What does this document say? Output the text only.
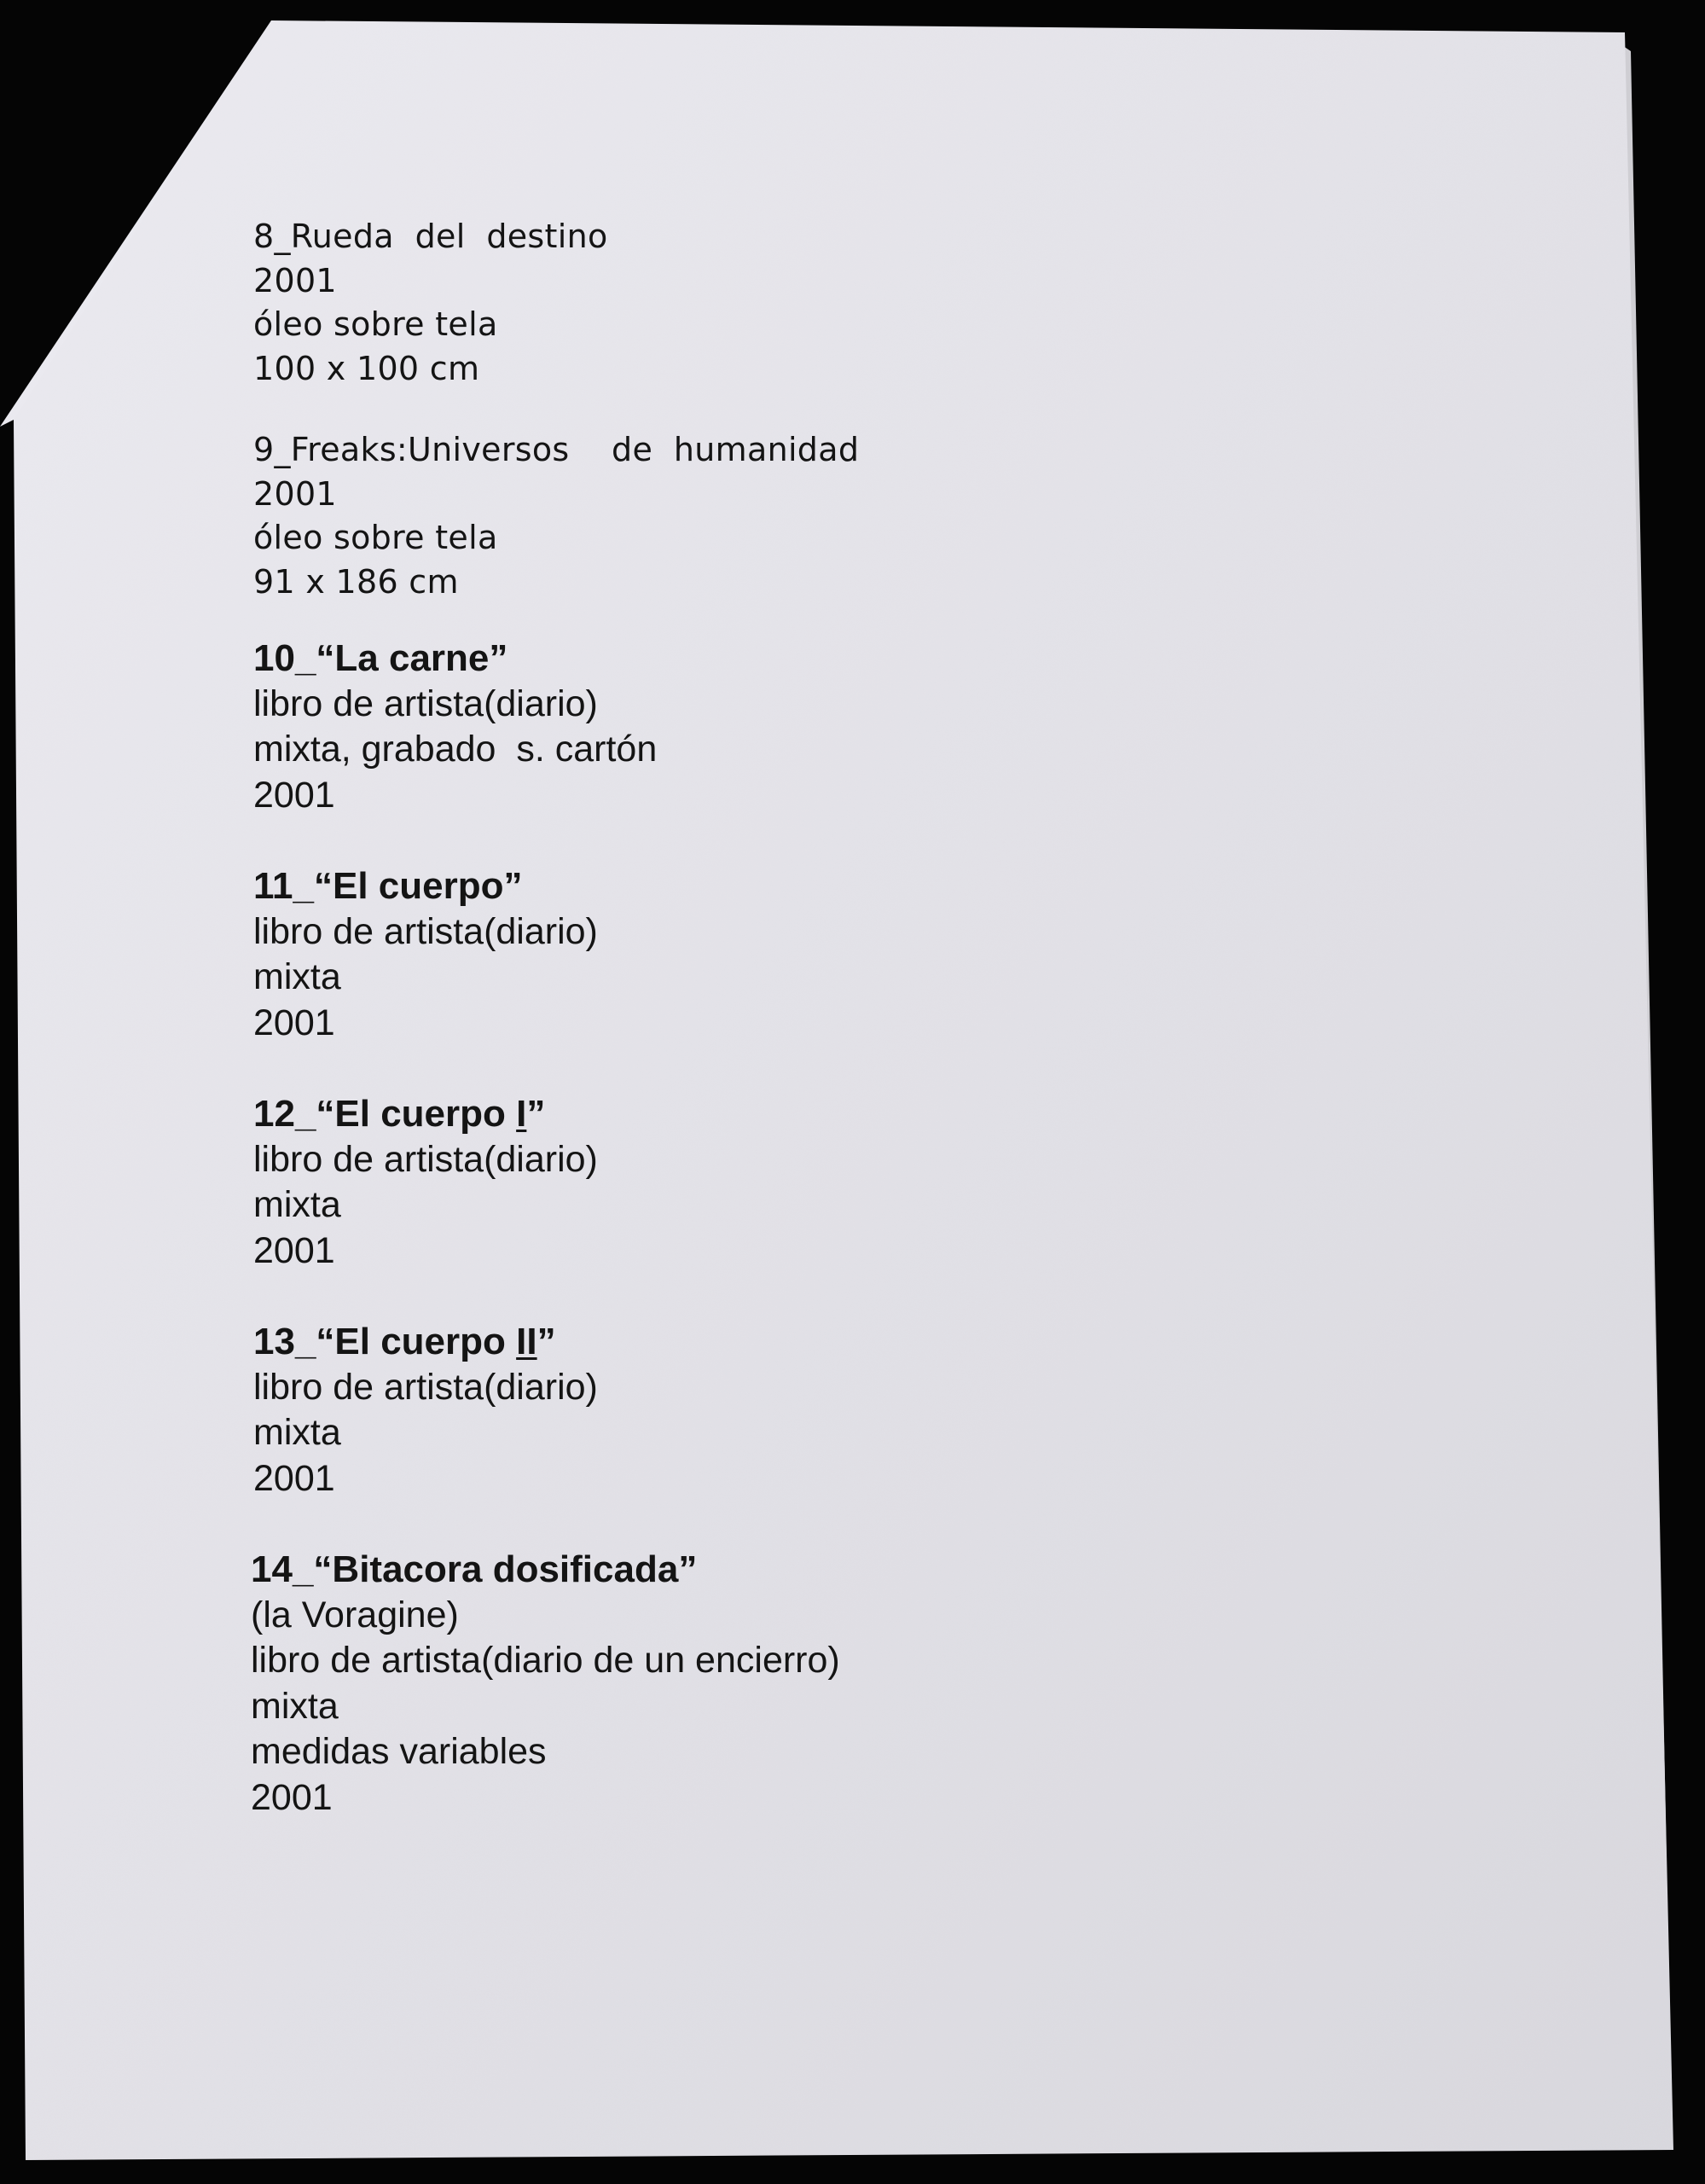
8_Rueda  del  destino
2001
óleo sobre tela
100 x 100 cm
9_Freaks:Universos    de  humanidad
2001
óleo sobre tela
91 x 186 cm
10_“La carne”
libro de artista(diario)
mixta, grabado  s. cartón
2001
11_“El cuerpo”
libro de artista(diario)
mixta
2001
12_“El cuerpo I”
libro de artista(diario)
mixta
2001
13_“El cuerpo II”
libro de artista(diario)
mixta
2001
14_“Bitacora dosificada”
(la Voragine)
libro de artista(diario de un encierro)
mixta
medidas variables
2001
